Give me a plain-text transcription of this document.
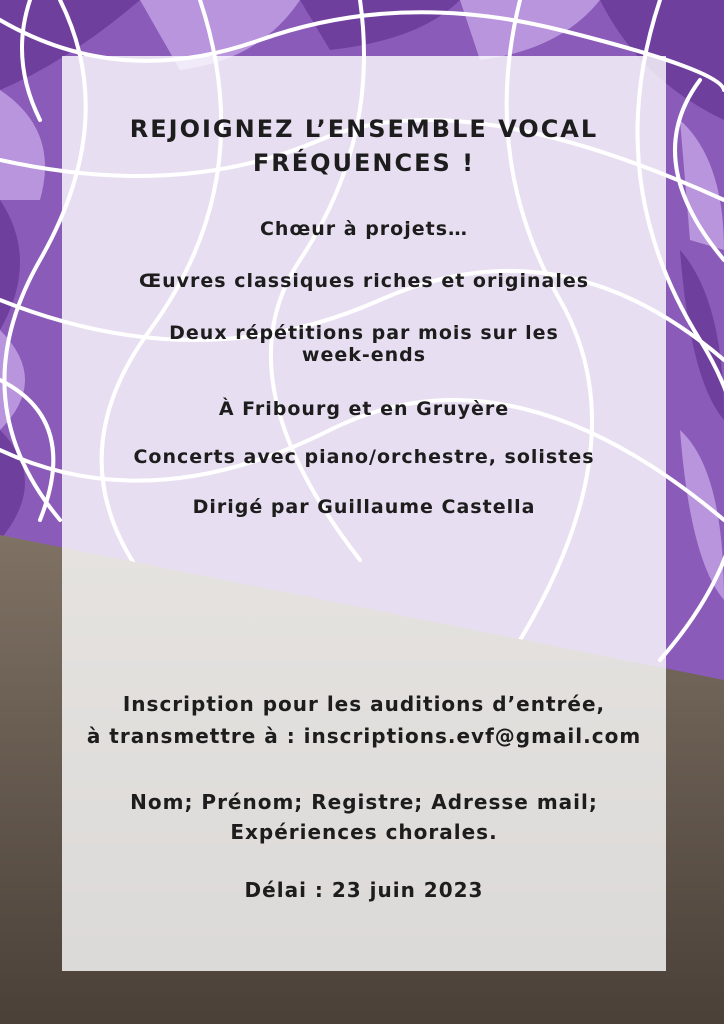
REJOIGNEZ L’ENSEMBLE VOCAL
FRÉQUENCES !
Chœur à projets…
Œuvres classiques riches et originales
Deux répétitions par mois sur les
week-ends
À Fribourg et en Gruyère
Concerts avec piano/orchestre, solistes
Dirigé par Guillaume Castella
Inscription pour les auditions d’entrée,
à transmettre à : inscriptions.evf@gmail.com
Nom; Prénom; Registre; Adresse mail;
Expériences chorales.
Délai : 23 juin 2023
